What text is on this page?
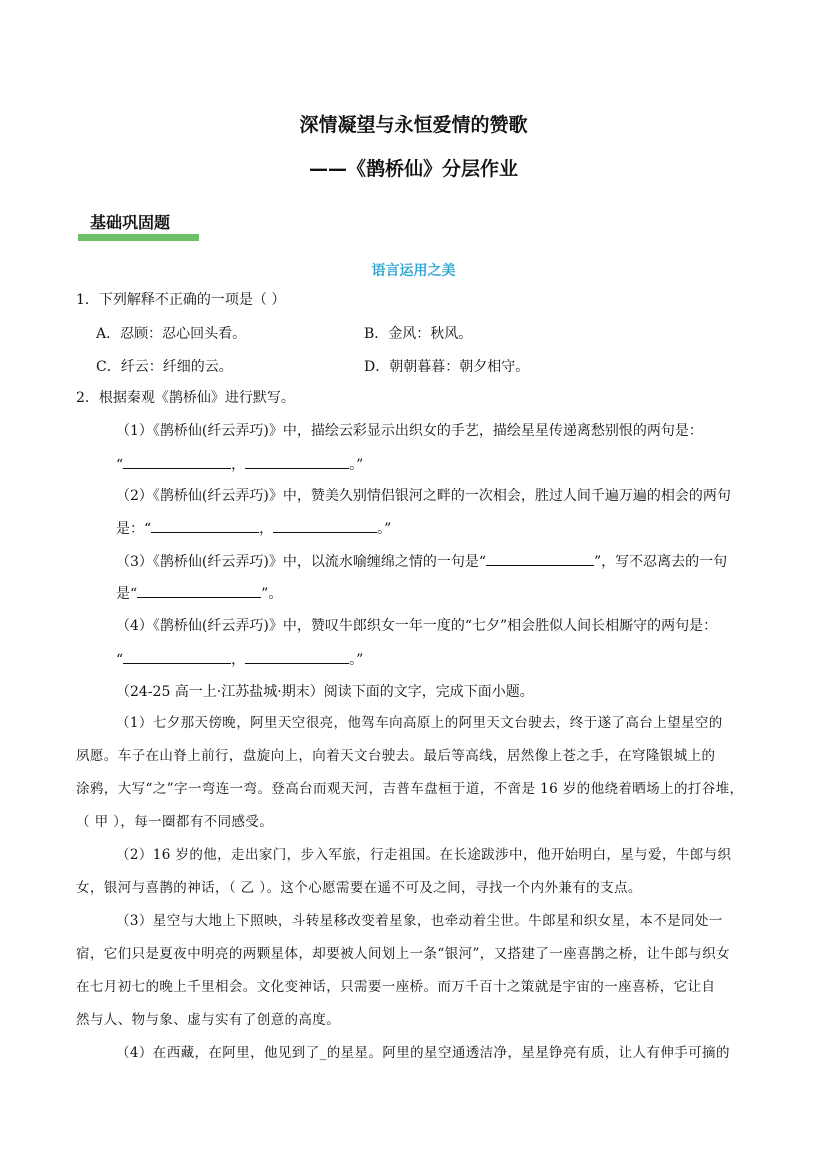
深情凝望与永恒爱情的赞歌
——《鹊桥仙》分层作业
基础巩固题
语言运用之美
1．下列解释不正确的一项是（ ）
A．忍顾：忍心回头看。	B．金风：秋风。
C．纤云：纤细的云。	D．朝朝暮暮：朝夕相守。
2．根据秦观《鹊桥仙》进行默写。
（1）《鹊桥仙(纤云弄巧)》中，描绘云彩显示出织女的手艺，描绘星星传递离愁别恨的两句是：
“	，	。”
（2）《鹊桥仙(纤云弄巧)》中，赞美久别情侣银河之畔的一次相会，胜过人间千遍万遍的相会的两句
是：“	，	。”
（3）《鹊桥仙(纤云弄巧)》中，以流水喻缠绵之情的一句是“	”，写不忍离去的一句
是“	”。
（4）《鹊桥仙(纤云弄巧)》中，赞叹牛郎织女一年一度的“七夕”相会胜似人间长相厮守的两句是：
“	，	。”
（24-25 高一上·江苏盐城·期末）阅读下面的文字，完成下面小题。
（1）七夕那天傍晚，阿里天空很亮，他驾车向高原上的阿里天文台驶去，终于遂了高台上望星空的
夙愿。车子在山脊上前行，盘旋向上，向着天文台驶去。最后等高线，居然像上苍之手，在穹隆银城上的
涂鸦，大写“之”字一弯连一弯。登高台而观天河，吉普车盘桓于道，不啻是 16 岁的他绕着晒场上的打谷堆，
（ 甲 ），每一圈都有不同感受。
（2）16 岁的他，走出家门，步入军旅，行走祖国。在长途跋涉中，他开始明白，星与爱，牛郎与织
女，银河与喜鹊的神话，（ 乙 ）。这个心愿需要在遥不可及之间，寻找一个内外兼有的支点。
（3）星空与大地上下照映，斗转星移改变着星象，也牵动着尘世。牛郎星和织女星，本不是同处一
宿，它们只是夏夜中明亮的两颗星体，却要被人间划上一条“银河”，又搭建了一座喜鹊之桥，让牛郎与织女
在七月初七的晚上千里相会。文化变神话，只需要一座桥。而万千百十之策就是宇宙的一座喜桥，它让自
然与人、物与象、虚与实有了创意的高度。
（4）在西藏，在阿里，他见到了_的星星。阿里的星空通透洁净，星星铮亮有质，让人有伸手可摘的
